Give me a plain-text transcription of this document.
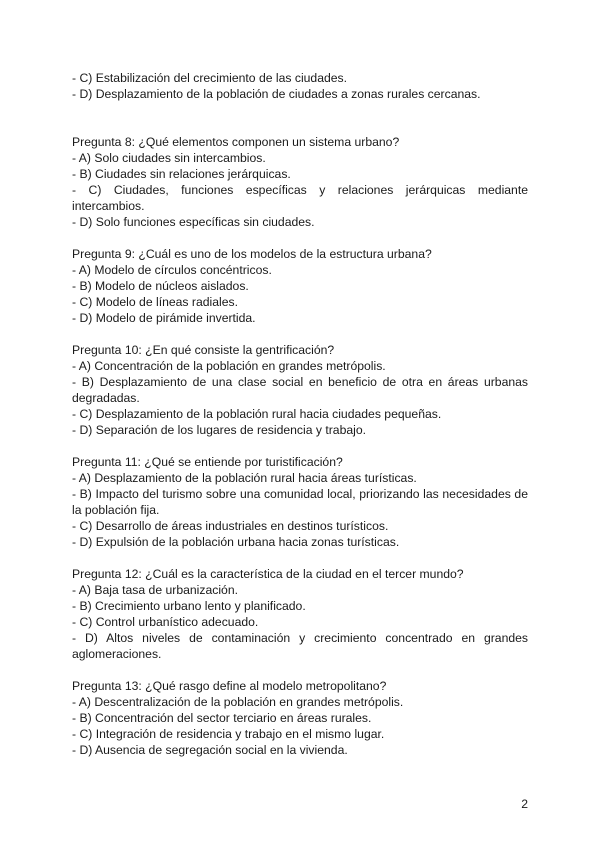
- C) Estabilización del crecimiento de las ciudades.
- D) Desplazamiento de la población de ciudades a zonas rurales cercanas.
Pregunta 8: ¿Qué elementos componen un sistema urbano?
- A) Solo ciudades sin intercambios.
- B) Ciudades sin relaciones jerárquicas.
- C) Ciudades, funciones específicas y relaciones jerárquicas mediante
intercambios.
- D) Solo funciones específicas sin ciudades.
Pregunta 9: ¿Cuál es uno de los modelos de la estructura urbana?
- A) Modelo de círculos concéntricos.
- B) Modelo de núcleos aislados.
- C) Modelo de líneas radiales.
- D) Modelo de pirámide invertida.
Pregunta 10: ¿En qué consiste la gentrificación?
- A) Concentración de la población en grandes metrópolis.
- B) Desplazamiento de una clase social en beneficio de otra en áreas urbanas
degradadas.
- C) Desplazamiento de la población rural hacia ciudades pequeñas.
- D) Separación de los lugares de residencia y trabajo.
Pregunta 11: ¿Qué se entiende por turistificación?
- A) Desplazamiento de la población rural hacia áreas turísticas.
- B) Impacto del turismo sobre una comunidad local, priorizando las necesidades de
la población fija.
- C) Desarrollo de áreas industriales en destinos turísticos.
- D) Expulsión de la población urbana hacia zonas turísticas.
Pregunta 12: ¿Cuál es la característica de la ciudad en el tercer mundo?
- A) Baja tasa de urbanización.
- B) Crecimiento urbano lento y planificado.
- C) Control urbanístico adecuado.
- D) Altos niveles de contaminación y crecimiento concentrado en grandes
aglomeraciones.
Pregunta 13: ¿Qué rasgo define al modelo metropolitano?
- A) Descentralización de la población en grandes metrópolis.
- B) Concentración del sector terciario en áreas rurales.
- C) Integración de residencia y trabajo en el mismo lugar.
- D) Ausencia de segregación social en la vivienda.
2
